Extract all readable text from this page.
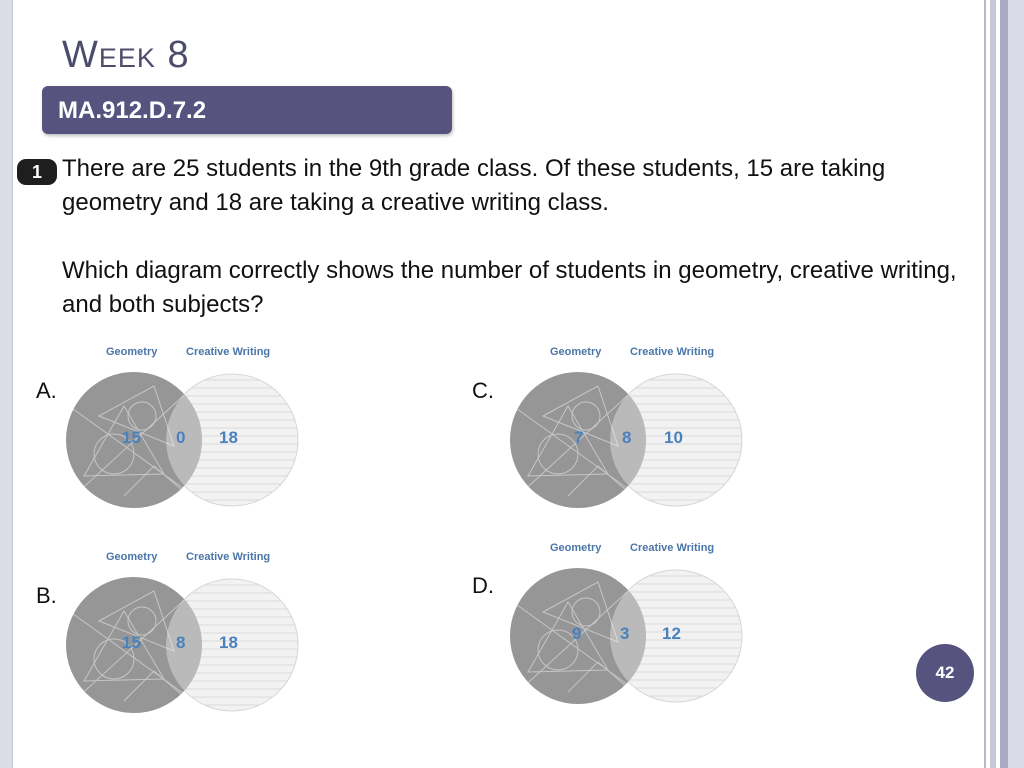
Week 8
MA.912.D.7.2
1 There are 25 students in the 9th grade class. Of these students, 15 are taking geometry and 18 are taking a creative writing class.

Which diagram correctly shows the number of students in geometry, creative writing, and both subjects?

A.
Geometry	Creative Writing
15 0 18
B.
Geometry	Creative Writing
15 8 18
C.
Geometry	Creative Writing
7 8 10
D.
Geometry	Creative Writing
9 3 12
42
